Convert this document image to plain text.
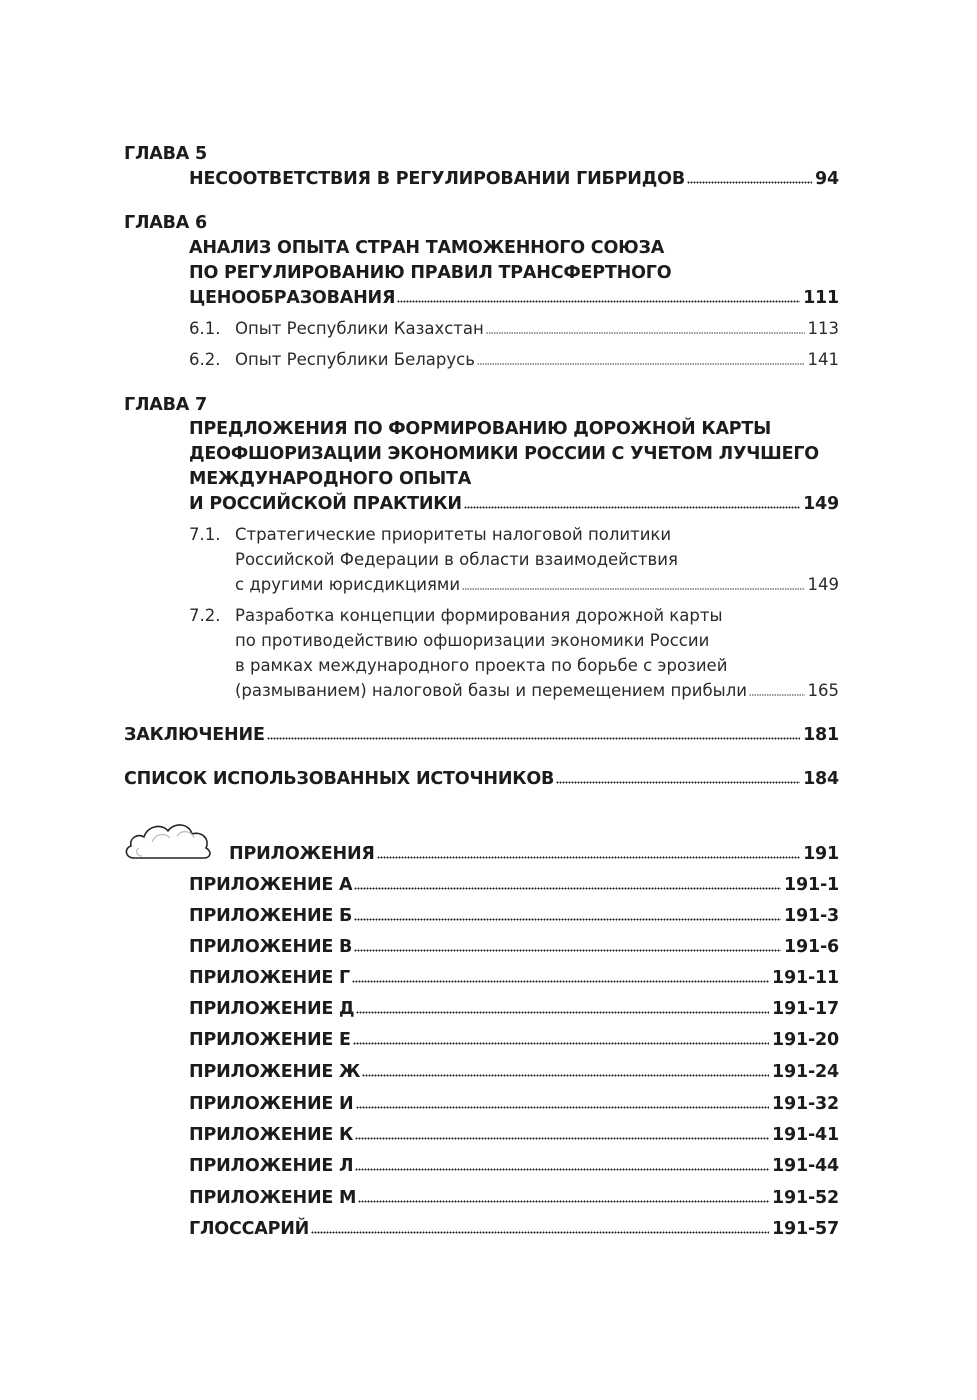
ГЛАВА 5
НЕСООТВЕТСТВИЯ В РЕГУЛИРОВАНИИ ГИБРИДОВ	94
ГЛАВА 6
АНАЛИЗ ОПЫТА СТРАН ТАМОЖЕННОГО СОЮЗА
ПО РЕГУЛИРОВАНИЮ ПРАВИЛ ТРАНСФЕРТНОГО
ЦЕНООБРАЗОВАНИЯ	111
6.1. Опыт Республики Казахстан	113
6.2. Опыт Республики Беларусь	141
ГЛАВА 7
ПРЕДЛОЖЕНИЯ ПО ФОРМИРОВАНИЮ ДОРОЖНОЙ КАРТЫ
ДЕОФШОРИЗАЦИИ ЭКОНОМИКИ РОССИИ С УЧЕТОМ ЛУЧШЕГО
МЕЖДУНАРОДНОГО ОПЫТА
И РОССИЙСКОЙ ПРАКТИКИ	149
7.1. Стратегические приоритеты налоговой политики
Российской Федерации в области взаимодействия
с другими юрисдикциями	149
7.2. Разработка концепции формирования дорожной карты
по противодействию офшоризации экономики России
в рамках международного проекта по борьбе с эрозией
(размыванием) налоговой базы и перемещением прибыли	165
ЗАКЛЮЧЕНИЕ	181
СПИСОК ИСПОЛЬЗОВАННЫХ ИСТОЧНИКОВ	184
ПРИЛОЖЕНИЯ	191
ПРИЛОЖЕНИЕ А	191-1
ПРИЛОЖЕНИЕ Б	191-3
ПРИЛОЖЕНИЕ В	191-6
ПРИЛОЖЕНИЕ Г	191-11
ПРИЛОЖЕНИЕ Д	191-17
ПРИЛОЖЕНИЕ Е	191-20
ПРИЛОЖЕНИЕ Ж	191-24
ПРИЛОЖЕНИЕ И	191-32
ПРИЛОЖЕНИЕ К	191-41
ПРИЛОЖЕНИЕ Л	191-44
ПРИЛОЖЕНИЕ М	191-52
ГЛОССАРИЙ	191-57
